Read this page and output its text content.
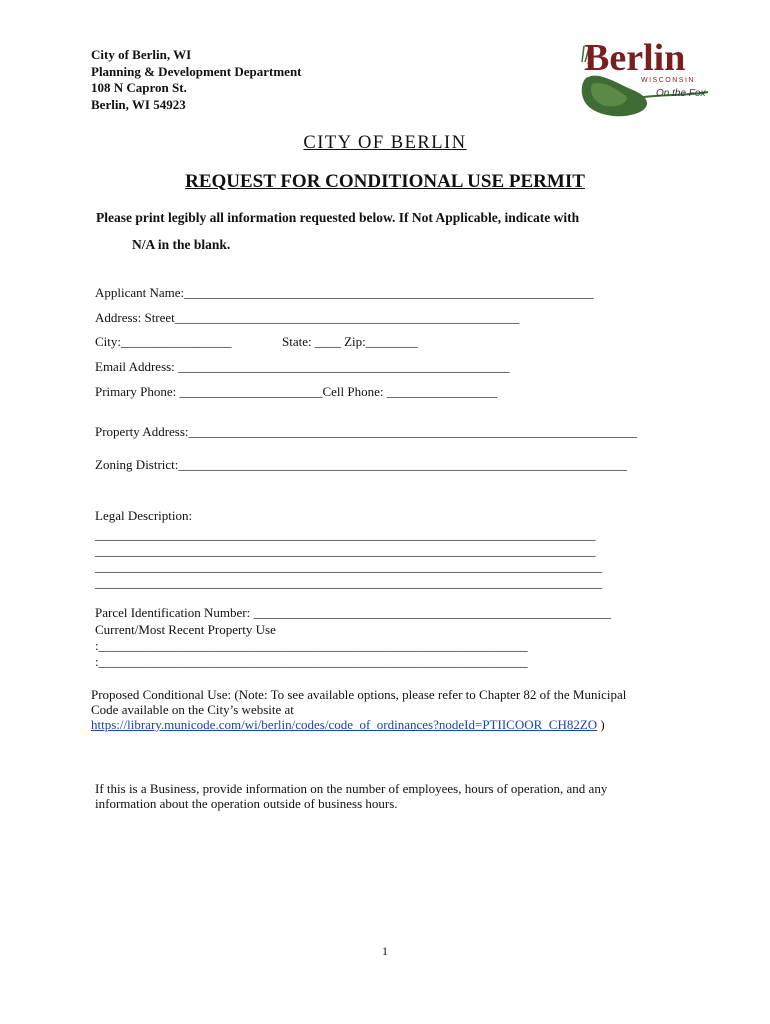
City of Berlin, WI
Planning & Development Department
108 N Capron St.
Berlin, WI 54923
Berlin
WISCONSIN
On the Fox
CITY OF BERLIN
REQUEST FOR CONDITIONAL USE PERMIT
Please print legibly all information requested below. If Not Applicable, indicate with
N/A in the blank.
Applicant Name:_______________________________________________________________
Address: Street_____________________________________________________
City:_________________	State: ____ Zip:________
Email Address: ___________________________________________________
Primary Phone: ______________________Cell Phone: _________________
Property Address:_____________________________________________________________________
Zoning District:_____________________________________________________________________
Legal Description:
_____________________________________________________________________________
_____________________________________________________________________________
______________________________________________________________________________
______________________________________________________________________________
Parcel Identification Number: _______________________________________________________
Current/Most Recent Property Use
:__________________________________________________________________
:__________________________________________________________________
Proposed Conditional Use: (Note: To see available options, please refer to Chapter 82 of the Municipal
Code available on the City’s website at
https://library.municode.com/wi/berlin/codes/code_of_ordinances?nodeId=PTIICOOR_CH82ZO )
If this is a Business, provide information on the number of employees, hours of operation, and any
information about the operation outside of business hours.
1
